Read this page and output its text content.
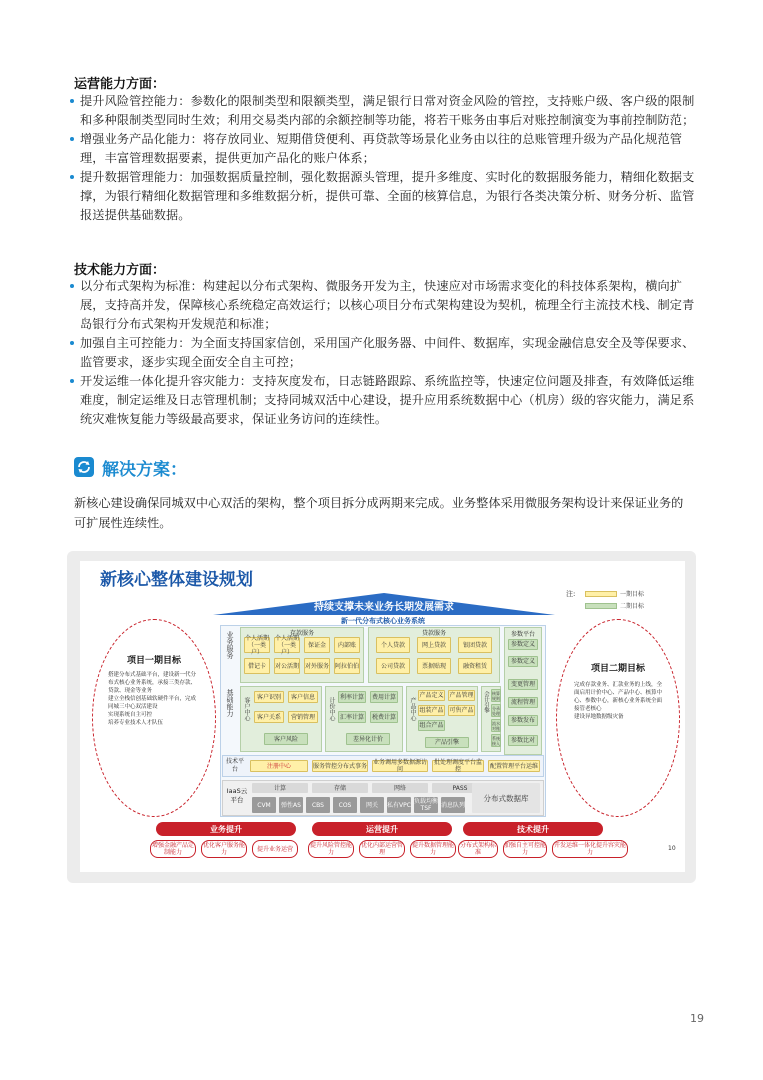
运营能力方面：
提升风险管控能力：参数化的限制类型和限额类型，满足银行日常对资金风险的管控，支持账户级、客户级的限制和多种限制类型同时生效；利用交易类内部的余额控制等功能，将若干账务由事后对账控制演变为事前控制防范；
增强业务产品化能力：将存放同业、短期借贷便利、再贷款等场景化业务由以往的总账管理升级为产品化规范管理，丰富管理数据要素，提供更加产品化的账户体系；
提升数据管理能力：加强数据质量控制，强化数据源头管理，提升多维度、实时化的数据服务能力，精细化数据支撑，为银行精细化数据管理和多维数据分析，提供可靠、全面的核算信息，为银行各类决策分析、财务分析、监管报送提供基础数据。
技术能力方面：
以分布式架构为标准：构建起以分布式架构、微服务开发为主，快速应对市场需求变化的科技体系架构，横向扩展，支持高并发，保障核心系统稳定高效运行；以核心项目分布式架构建设为契机，梳理全行主流技术栈、制定青岛银行分布式架构开发规范和标准；
加强自主可控能力：为全面支持国家信创，采用国产化服务器、中间件、数据库，实现金融信息安全及等保要求、监管要求，逐步实现全面安全自主可控；
开发运维一体化提升容灾能力：支持灰度发布，日志链路跟踪、系统监控等，快速定位问题及排查，有效降低运维难度，制定运维及日志管理机制；支持同城双活中心建设，提升应用系统数据中心（机房）级的容灾能力，满足系统灾难恢复能力等级最高要求，保证业务访问的连续性。
解决方案：
新核心建设确保同城双中心双活的架构，整个项目拆分成两期来完成。业务整体采用微服务架构设计来保证业务的可扩展性连续性。
新核心整体建设规划
注:	一期目标
二期目标
持续支撑未来业务长期发展需求
新一代分布式核心业务系统
项目一期目标
搭建分布式基础平台，建设新一代分布式核心业务系统，承接三类存款、贷款、现金等业务
建立全栈信创基础软硬件平台，完成同城三中心双活建设
实现系统自主可控
培养专业技术人才队伍
项目二期目标
完成存款业务、汇款业务的上线，全面启用计价中心、产品中心、核算中心、参数中心，新核心业务系统全面接管老核心
建设异地数据级灾备
业务服务	存款服务
个人活期（一类户）
个人活期（一类户）
保证金	内部账
借记卡	对公活期 对外服务 阿拉伯伯
贷款服务
个人贷款	网上贷款	银团贷款
公司贷款	票据贴现	融资租赁
参数平台
参数定义
参数定义
变更管理
流程管理
参数发布
参数比对
基础能力 客户中心	客户识别	客户信息
客户关系	营销管理
客户风险
计价中心 利率计算	费用计算
汇率计算	税费计算
差异化计价
产品中心
产品定义 产品管理
组装产品 可售产品
组合产品
产品引擎
会计引擎
技术平台	注册中心	服务管控分布式事务 业务调用多数据源访问
批处理调度平台监控	配置管理平台运维
IaaS云平台
计算	存储	网络	PASS
CVM	弹性AS	CBS	COS	网关	私有VPC 负载均衡TSF	消息队列
分布式数据库
10
业务提升
增强金融产品定制能力
优化客户服务能力	提升业务运营
运营提升
提升风险管控能力
优化内部运营管理
提升数据管理能力
技术提升
分布式架构标准
加强自主可控能力
开发运维一体化提升容灾能力
核算规则
分录处理
流水对账
系统接入
19
